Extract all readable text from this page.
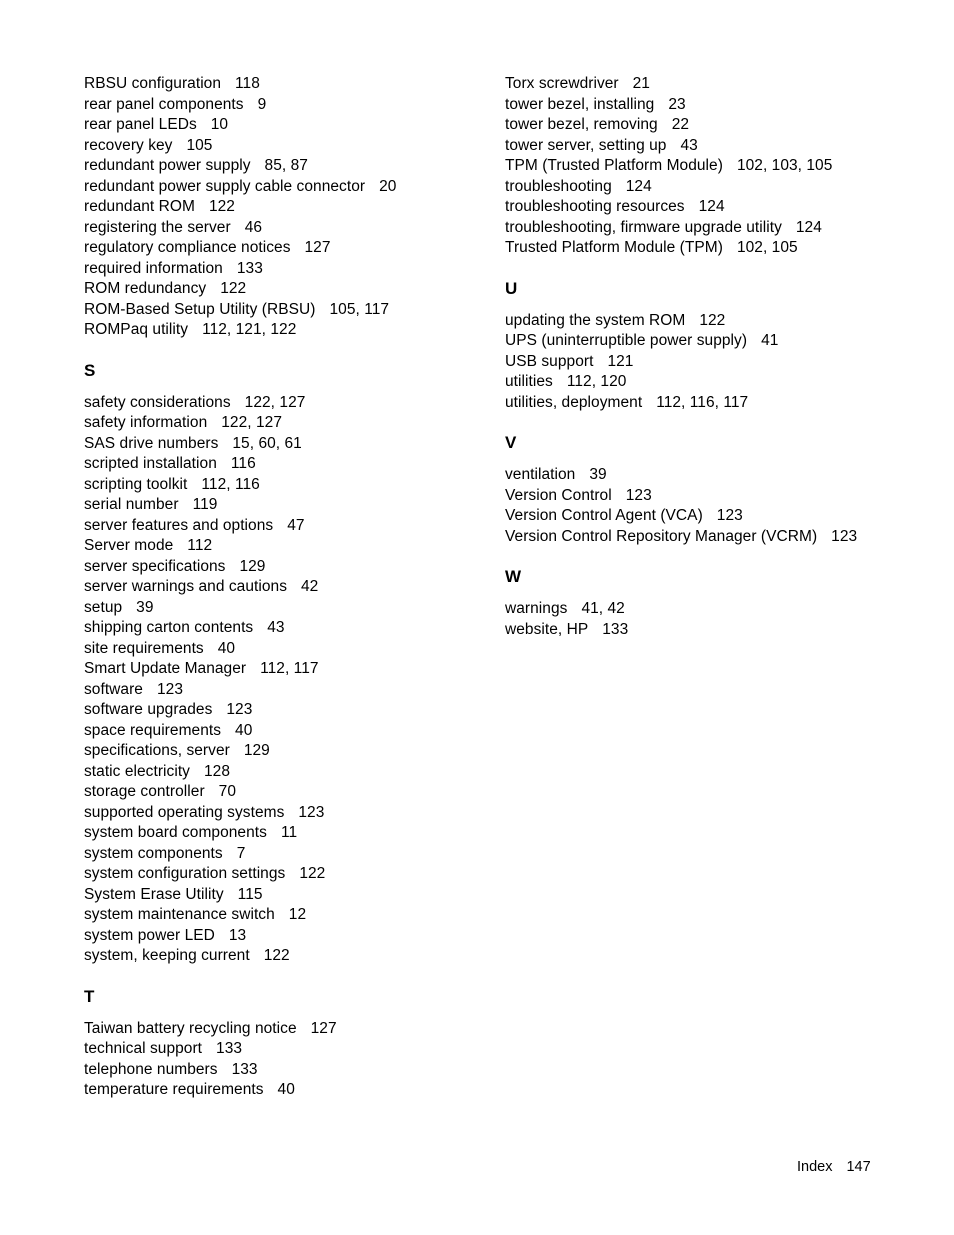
RBSU configuration 118
rear panel components 9
rear panel LEDs 10
recovery key 105
redundant power supply 85, 87
redundant power supply cable connector 20
redundant ROM 122
registering the server 46
regulatory compliance notices 127
required information 133
ROM redundancy 122
ROM-Based Setup Utility (RBSU) 105, 117
ROMPaq utility 112, 121, 122
S
safety considerations 122, 127
safety information 122, 127
SAS drive numbers 15, 60, 61
scripted installation 116
scripting toolkit 112, 116
serial number 119
server features and options 47
Server mode 112
server specifications 129
server warnings and cautions 42
setup 39
shipping carton contents 43
site requirements 40
Smart Update Manager 112, 117
software 123
software upgrades 123
space requirements 40
specifications, server 129
static electricity 128
storage controller 70
supported operating systems 123
system board components 11
system components 7
system configuration settings 122
System Erase Utility 115
system maintenance switch 12
system power LED 13
system, keeping current 122
T
Taiwan battery recycling notice 127
technical support 133
telephone numbers 133
temperature requirements 40
Torx screwdriver 21
tower bezel, installing 23
tower bezel, removing 22
tower server, setting up 43
TPM (Trusted Platform Module) 102, 103, 105
troubleshooting 124
troubleshooting resources 124
troubleshooting, firmware upgrade utility 124
Trusted Platform Module (TPM) 102, 105
U
updating the system ROM 122
UPS (uninterruptible power supply) 41
USB support 121
utilities 112, 120
utilities, deployment 112, 116, 117
V
ventilation 39
Version Control 123
Version Control Agent (VCA) 123
Version Control Repository Manager (VCRM) 123
W
warnings 41, 42
website, HP 133
Index 147
